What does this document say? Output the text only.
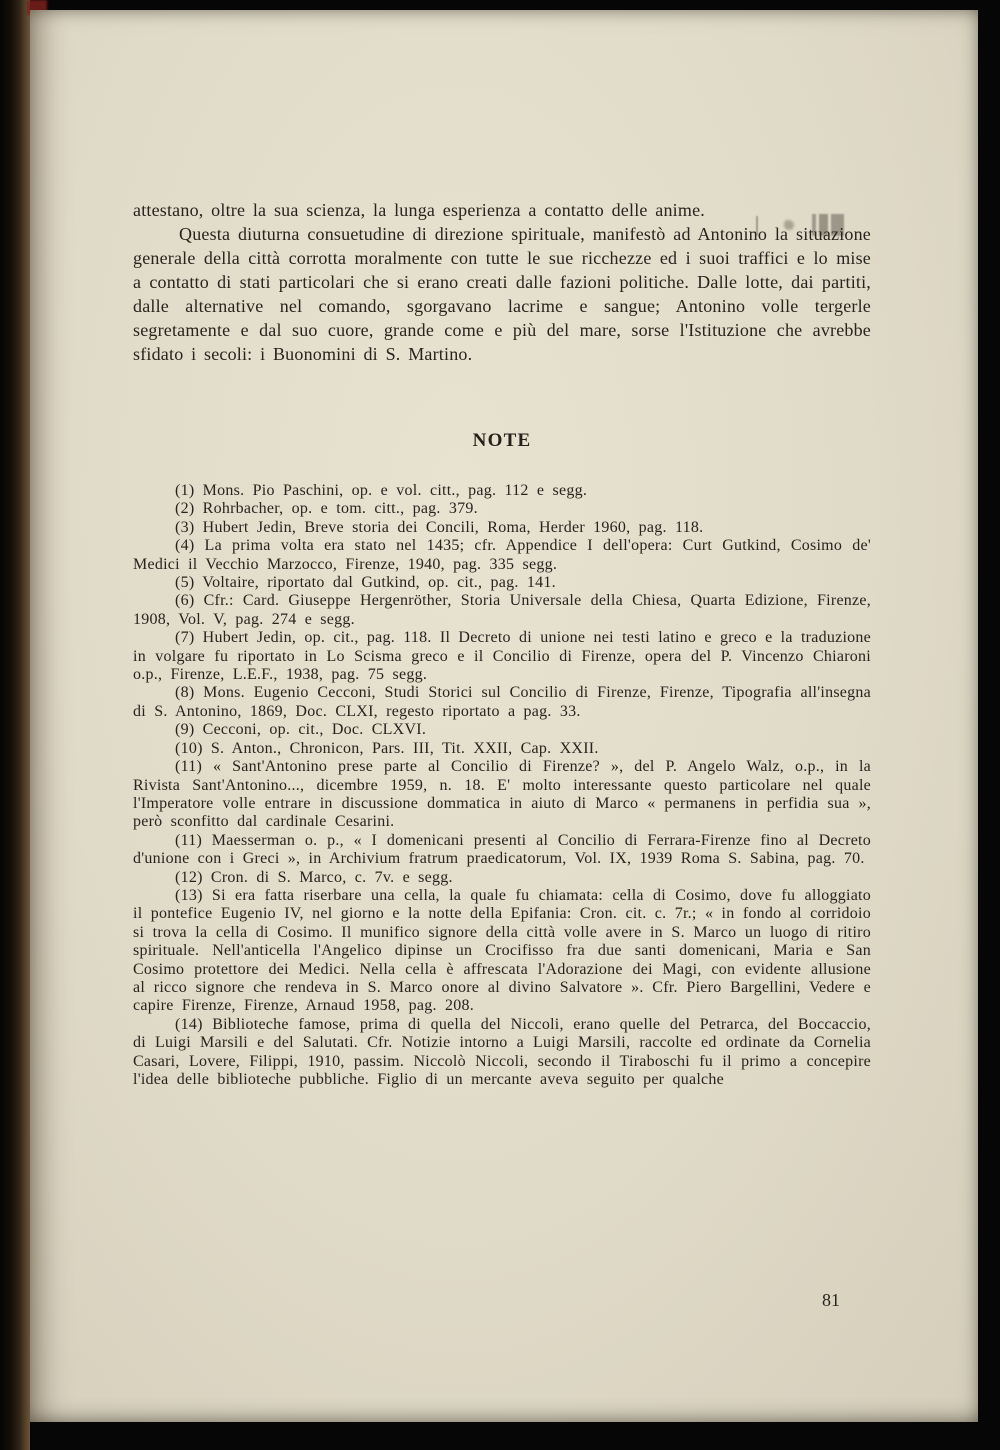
attestano, oltre la sua scienza, la lunga esperienza a contatto delle anime.

Questa diuturna consuetudine di direzione spirituale, manifestò ad Antonino la situazione generale della città corrotta moralmente con tutte le sue ricchezze ed i suoi traffici e lo mise a contatto di stati particolari che si erano creati dalle fazioni politiche. Dalle lotte, dai partiti, dalle alternative nel comando, sgorgavano lacrime e sangue; Antonino volle tergerle segretamente e dal suo cuore, grande come e più del mare, sorse l'Istituzione che avrebbe sfidato i secoli: i Buonomini di S. Martino.

NOTE

(1) Mons. Pio Paschini, op. e vol. citt., pag. 112 e segg.

(2) Rohrbacher, op. e tom. citt., pag. 379.

(3) Hubert Jedin, Breve storia dei Concili, Roma, Herder 1960, pag. 118.

(4) La prima volta era stato nel 1435; cfr. Appendice I dell'opera: Curt Gutkind, Cosimo de' Medici il Vecchio Marzocco, Firenze, 1940, pag. 335 segg.

(5) Voltaire, riportato dal Gutkind, op. cit., pag. 141.

(6) Cfr.: Card. Giuseppe Hergenröther, Storia Universale della Chiesa, Quarta Edizione, Firenze, 1908, Vol. V, pag. 274 e segg.

(7) Hubert Jedin, op. cit., pag. 118. Il Decreto di unione nei testi latino e greco e la traduzione in volgare fu riportato in Lo Scisma greco e il Concilio di Firenze, opera del P. Vincenzo Chiaroni o.p., Firenze, L.E.F., 1938, pag. 75 segg.

(8) Mons. Eugenio Cecconi, Studi Storici sul Concilio di Firenze, Firenze, Tipografia all'insegna di S. Antonino, 1869, Doc. CLXI, regesto riportato a pag. 33.

(9) Cecconi, op. cit., Doc. CLXVI.

(10) S. Anton., Chronicon, Pars. III, Tit. XXII, Cap. XXII.

(11) « Sant'Antonino prese parte al Concilio di Firenze? », del P. Angelo Walz, o.p., in la Rivista Sant'Antonino..., dicembre 1959, n. 18. E' molto interessante questo particolare nel quale l'Imperatore volle entrare in discussione dommatica in aiuto di Marco « permanens in perfidia sua », però sconfitto dal cardinale Cesarini.

(11) Maesserman o. p., « I domenicani presenti al Concilio di Ferrara-Firenze fino al Decreto d'unione con i Greci », in Archivium fratrum praedicatorum, Vol. IX, 1939 Roma S. Sabina, pag. 70.

(12) Cron. di S. Marco, c. 7v. e segg.

(13) Si era fatta riserbare una cella, la quale fu chiamata: cella di Cosimo, dove fu alloggiato il pontefice Eugenio IV, nel giorno e la notte della Epifania: Cron. cit. c. 7r.; « in fondo al corridoio si trova la cella di Cosimo. Il munifico signore della città volle avere in S. Marco un luogo di ritiro spirituale. Nell'anticella l'Angelico dipinse un Crocifisso fra due santi domenicani, Maria e San Cosimo protettore dei Medici. Nella cella è affrescata l'Adorazione dei Magi, con evidente allusione al ricco signore che rendeva in S. Marco onore al divino Salvatore ». Cfr. Piero Bargellini, Vedere e capire Firenze, Firenze, Arnaud 1958, pag. 208.

(14) Biblioteche famose, prima di quella del Niccoli, erano quelle del Petrarca, del Boccaccio, di Luigi Marsili e del Salutati. Cfr. Notizie intorno a Luigi Marsili, raccolte ed ordinate da Cornelia Casari, Lovere, Filippi, 1910, passim. Niccolò Niccoli, secondo il Tiraboschi fu il primo a concepire l'idea delle biblioteche pubbliche. Figlio di un mercante aveva seguito per qualche

81
